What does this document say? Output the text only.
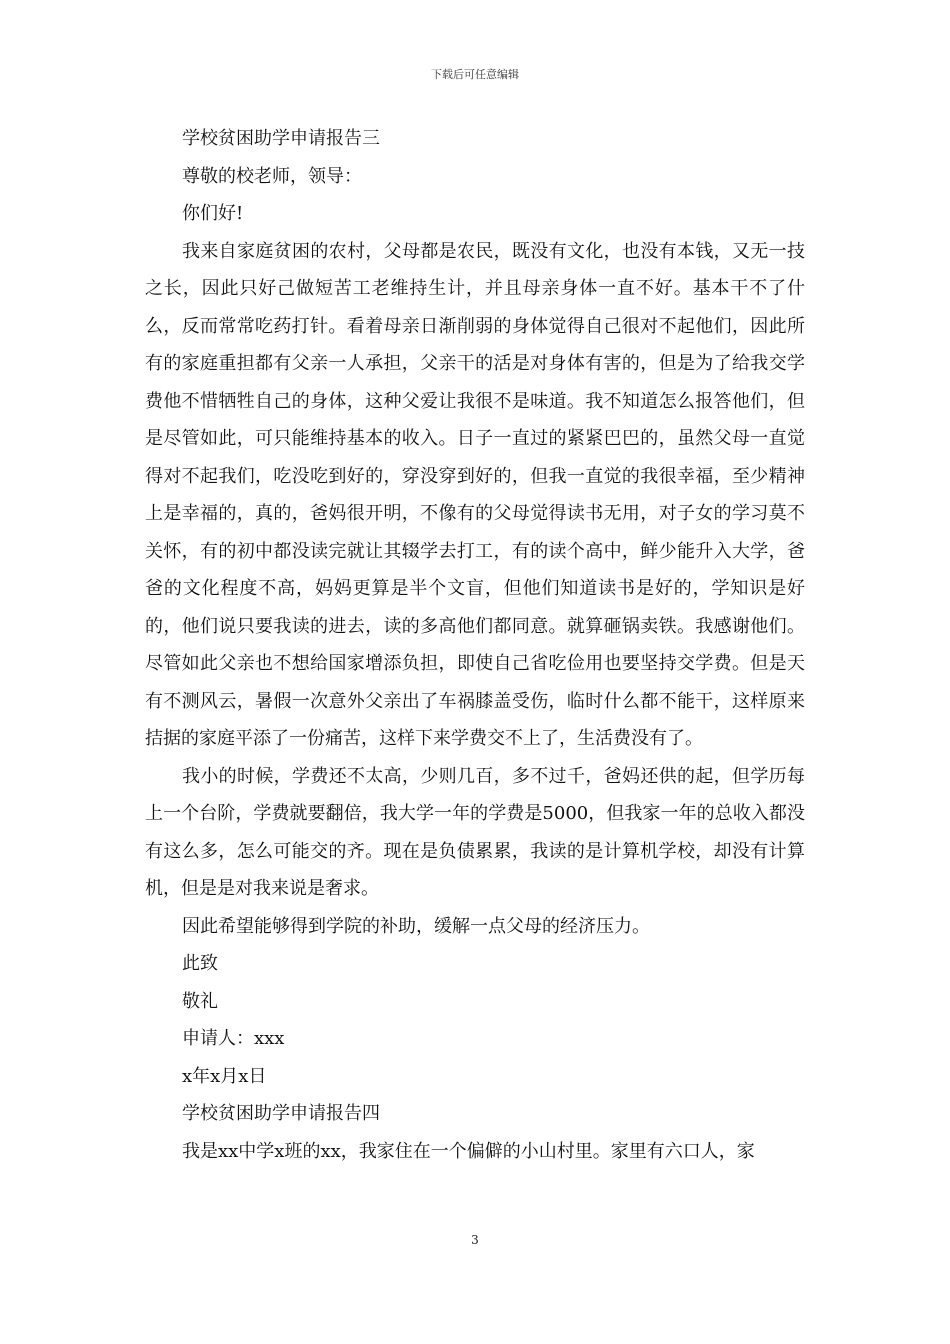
下载后可任意编辑

学校贫困助学申请报告三

尊敬的校老师，领导：

你们好!

我来自家庭贫困的农村，父母都是农民，既没有文化，也没有本钱，又无一技之长，因此只好己做短苦工老维持生计，并且母亲身体一直不好。基本干不了什么，反而常常吃药打针。看着母亲日渐削弱的身体觉得自己很对不起他们，因此所有的家庭重担都有父亲一人承担，父亲干的活是对身体有害的，但是为了给我交学费他不惜牺牲自己的身体，这种父爱让我很不是味道。我不知道怎么报答他们，但是尽管如此，可只能维持基本的收入。日子一直过的紧紧巴巴的，虽然父母一直觉得对不起我们，吃没吃到好的，穿没穿到好的，但我一直觉的我很幸福，至少精神上是幸福的，真的，爸妈很开明，不像有的父母觉得读书无用，对子女的学习莫不关怀，有的初中都没读完就让其辍学去打工，有的读个高中，鲜少能升入大学，爸爸的文化程度不高，妈妈更算是半个文盲，但他们知道读书是好的，学知识是好的，他们说只要我读的进去，读的多高他们都同意。就算砸锅卖铁。我感谢他们。尽管如此父亲也不想给国家增添负担，即使自己省吃俭用也要坚持交学费。但是天有不测风云，暑假一次意外父亲出了车祸膝盖受伤，临时什么都不能干，这样原来拮据的家庭平添了一份痛苦，这样下来学费交不上了，生活费没有了。

我小的时候，学费还不太高，少则几百，多不过千，爸妈还供的起，但学历每上一个台阶，学费就要翻倍，我大学一年的学费是5000，但我家一年的总收入都没有这么多，怎么可能交的齐。现在是负债累累，我读的是计算机学校，却没有计算机，但是是对我来说是奢求。

因此希望能够得到学院的补助，缓解一点父母的经济压力。

此致

敬礼

申请人：xxx

x年x月x日

学校贫困助学申请报告四

我是xx中学x班的xx，我家住在一个偏僻的小山村里。家里有六口人，家

3
